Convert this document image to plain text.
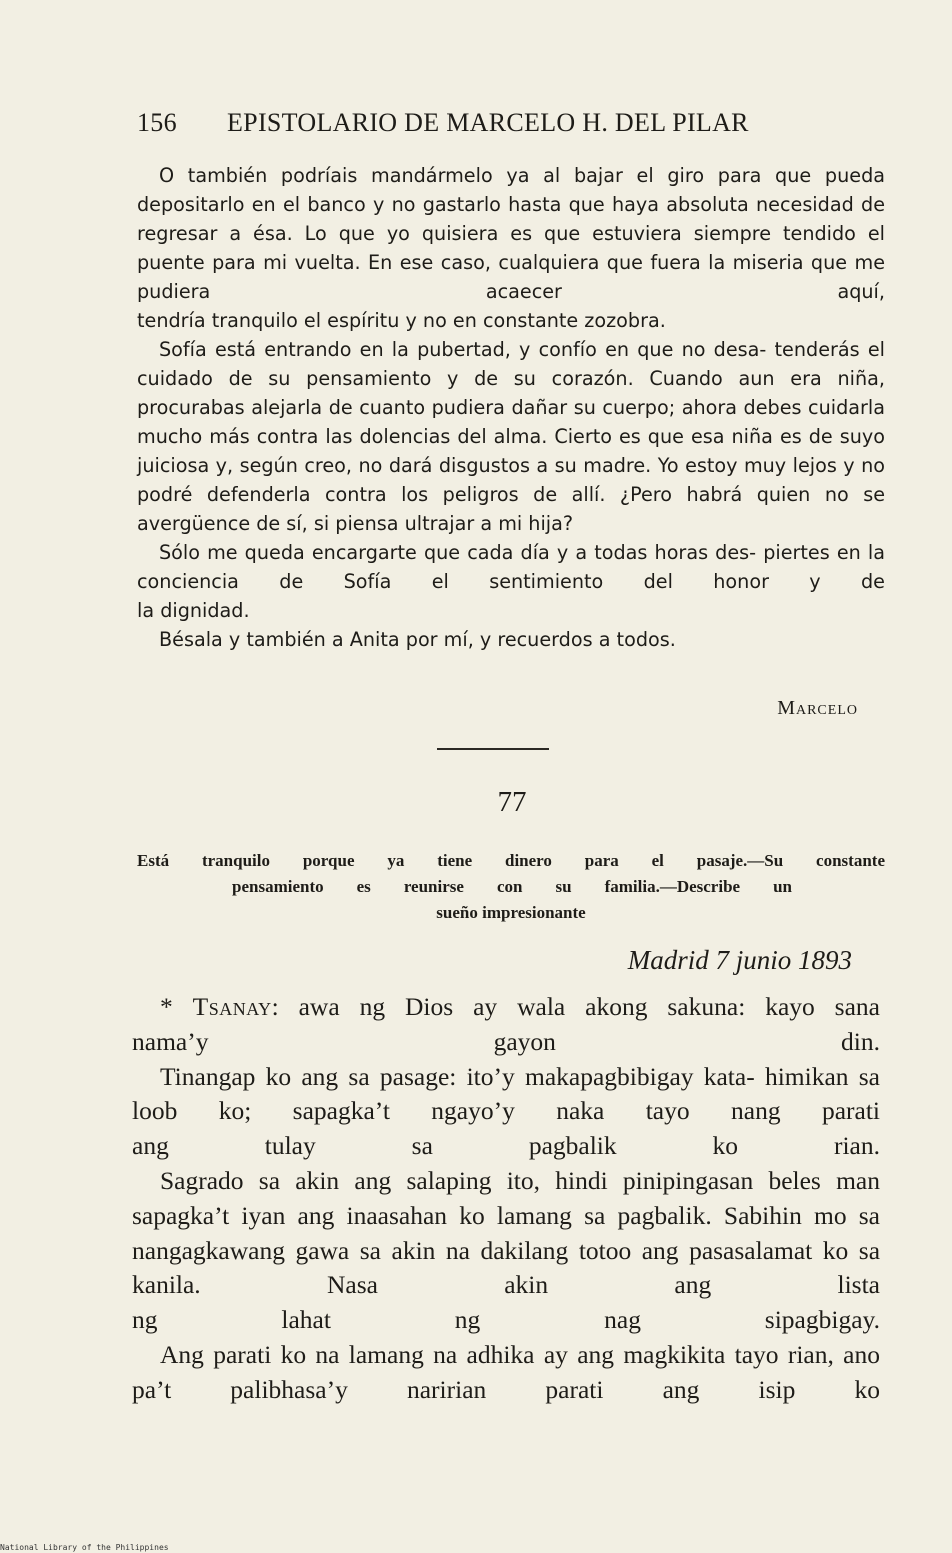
156 EPISTOLARIO DE MARCELO H. DEL PILAR

O también podríais mandármelo ya al bajar el giro para que pueda depositarlo en el banco y no gastarlo hasta que haya absoluta necesidad de regresar a ésa. Lo que yo quisiera es que estuviera siempre tendido el puente para mi vuelta. En ese caso, cualquiera que fuera la miseria que me pudiera acaecer aquí,

tendría tranquilo el espíritu y no en constante zozobra.

Sofía está entrando en la pubertad, y confío en que no desa- tenderás el cuidado de su pensamiento y de su corazón. Cuando aun era niña, procurabas alejarla de cuanto pudiera dañar su cuerpo; ahora debes cuidarla mucho más contra las dolencias del alma. Cierto es que esa niña es de suyo juiciosa y, según creo, no dará disgustos a su madre. Yo estoy muy lejos y no podré defenderla contra los peligros de allí. ¿Pero habrá quien no se

avergüence de sí, si piensa ultrajar a mi hija?

Sólo me queda encargarte que cada día y a todas horas des- piertes en la conciencia de Sofía el sentimiento del honor y de

la dignidad.

Bésala y también a Anita por mí, y recuerdos a todos.

Marcelo
77
Está tranquilo porque ya tiene dinero para el pasaje.—Su constante
pensamiento es reunirse con su familia.—Describe un
sueño impresionante
Madrid 7 junio 1893

* Tsanay: awa ng Dios ay wala akong sakuna: kayo sana

nama’y gayon din.

Tinangap ko ang sa pasage: ito’y makapagbibigay kata- himikan sa loob ko; sapagka’t ngayo’y naka tayo nang parati

ang tulay sa pagbalik ko rian.

Sagrado sa akin ang salaping ito, hindi pinipingasan beles man sapagka’t iyan ang inaasahan ko lamang sa pagbalik. Sabihin mo sa nangagkawang gawa sa akin na dakilang totoo ang pasasalamat ko sa kanila. Nasa akin ang lista

ng lahat ng nag sipagbigay.

Ang parati ko na lamang na adhika ay ang magkikita tayo rian, ano pa’t palibhasa’y naririan parati ang isip ko

National Library of the Philippines
